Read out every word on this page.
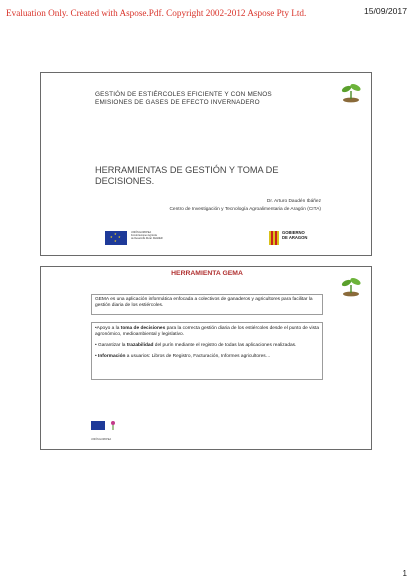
Evaluation Only. Created with Aspose.Pdf. Copyright 2002-2012 Aspose Pty Ltd.	15/09/2017
GESTIÓN DE ESTIÉRCOLES EFICIENTE Y CON MENOS
EMISIONES DE GASES DE EFECTO INVERNADERO
HERRAMIENTAS DE GESTIÓN Y TOMA DE
DECISIONES.
Dr. Arturo Daudén Ibáñez
Centro de Investigación y Tecnología Agroalimentaria de Aragón (CITA)
★
★ ★
★
UNIÓN EUROPEA
Fondo Europeo Agrícola
de Desarrollo Rural. FEADER
GOBIERNO
DE ARAGON
HERRAMIENTA GEMA
GEMA es una aplicación informática enfocada a colectivos de ganaderos y agricultores para facilitar la gestión diaria de los estiércoles.

•Apoyo a la toma de decisiones para la correcta gestión diaria de los estiércoles desde el punto de vista agronómico, medioambiental y legislativo.

• Garantizar la trazabilidad del purín mediante el registro de todas las aplicaciones realizadas.

• Información a usuarios: Libros de Registro, Facturación, Informes agricultores…

UNIÓN EUROPEA
1
